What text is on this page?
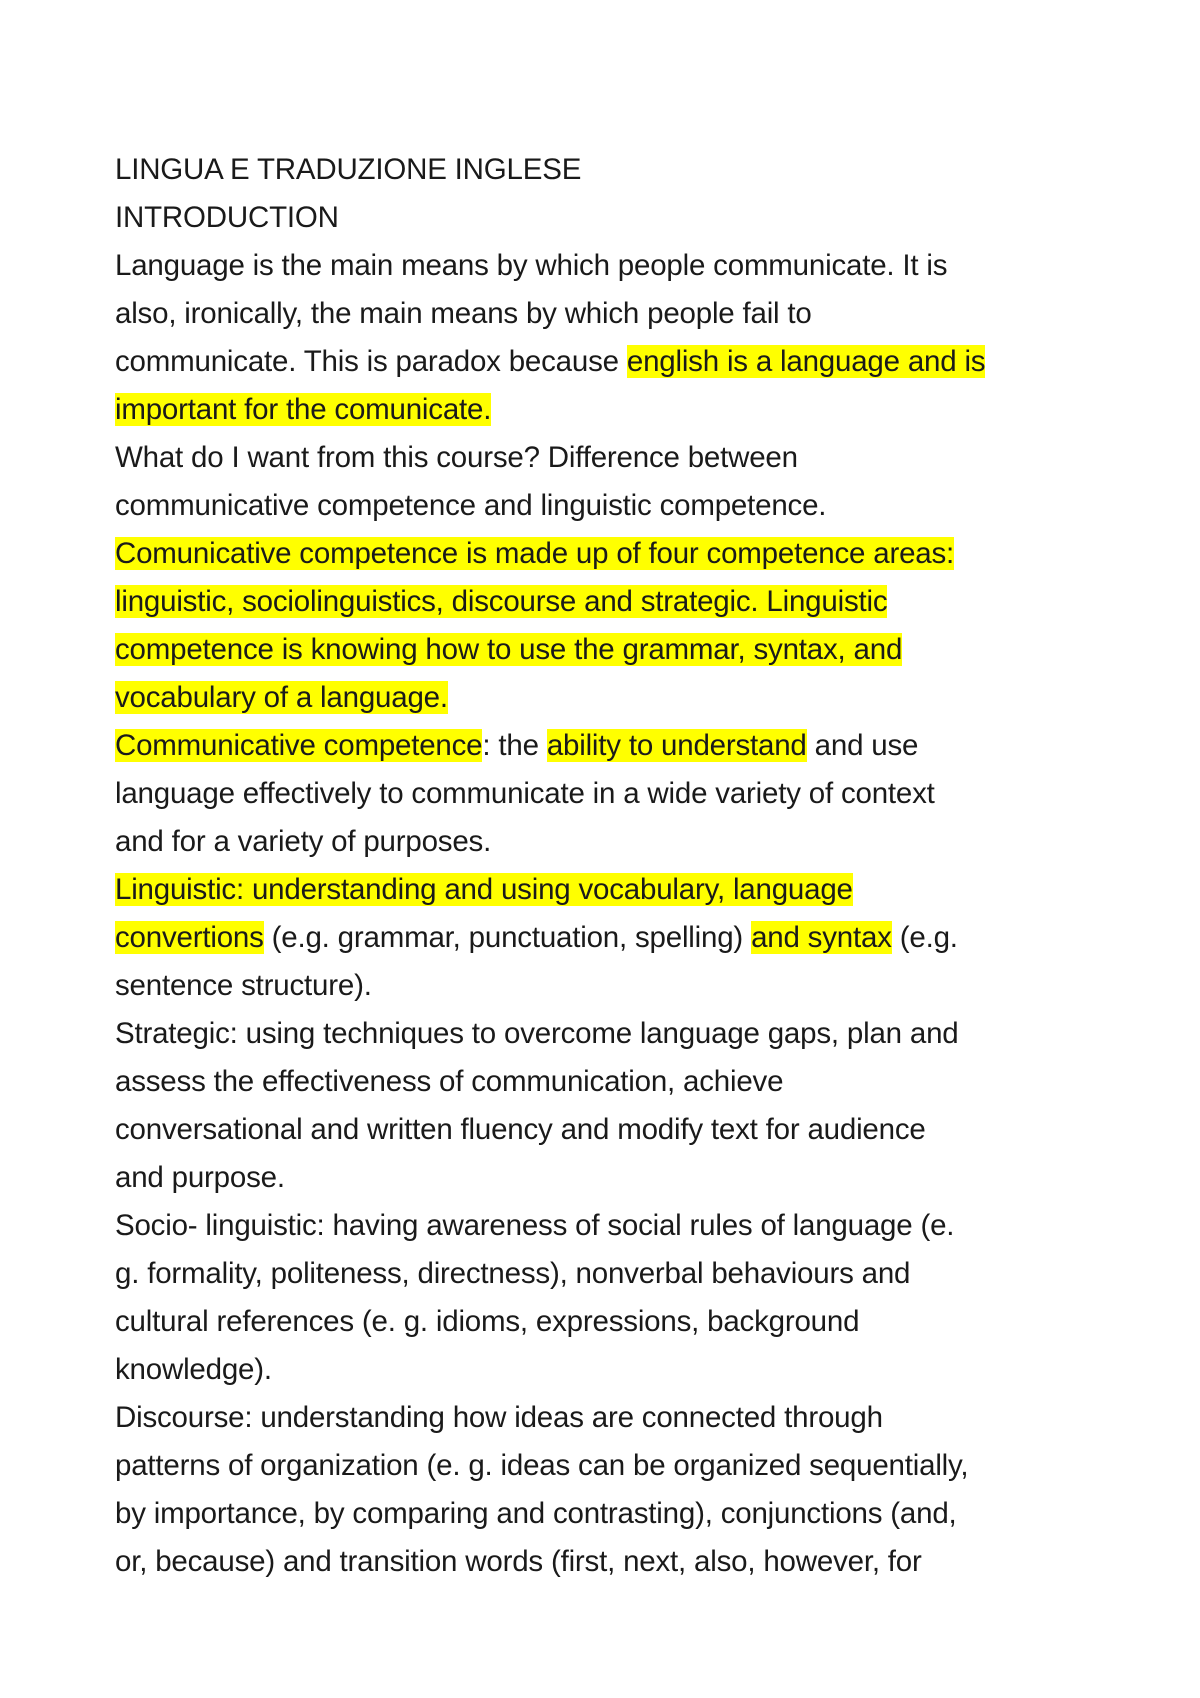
LINGUA E TRADUZIONE INGLESE
INTRODUCTION
Language is the main means by which people communicate. It is
also, ironically, the main means by which people fail to
communicate. This is paradox because english is a language and is
important for the comunicate.
What do I want from this course? Difference between
communicative competence and linguistic competence.
Comunicative competence is made up of four competence areas:
linguistic, sociolinguistics, discourse and strategic. Linguistic
competence is knowing how to use the grammar, syntax, and
vocabulary of a language.
Communicative competence: the ability to understand and use
language effectively to communicate in a wide variety of context
and for a variety of purposes.
Linguistic: understanding and using vocabulary, language
convertions (e.g. grammar, punctuation, spelling) and syntax (e.g.
sentence structure).
Strategic: using techniques to overcome language gaps, plan and
assess the effectiveness of communication, achieve
conversational and written fluency and modify text for audience
and purpose.
Socio- linguistic: having awareness of social rules of language (e.
g. formality, politeness, directness), nonverbal behaviours and
cultural references (e. g. idioms, expressions, background
knowledge).
Discourse: understanding how ideas are connected through
patterns of organization (e. g. ideas can be organized sequentially,
by importance, by comparing and contrasting), conjunctions (and,
or, because) and transition words (first, next, also, however, for
